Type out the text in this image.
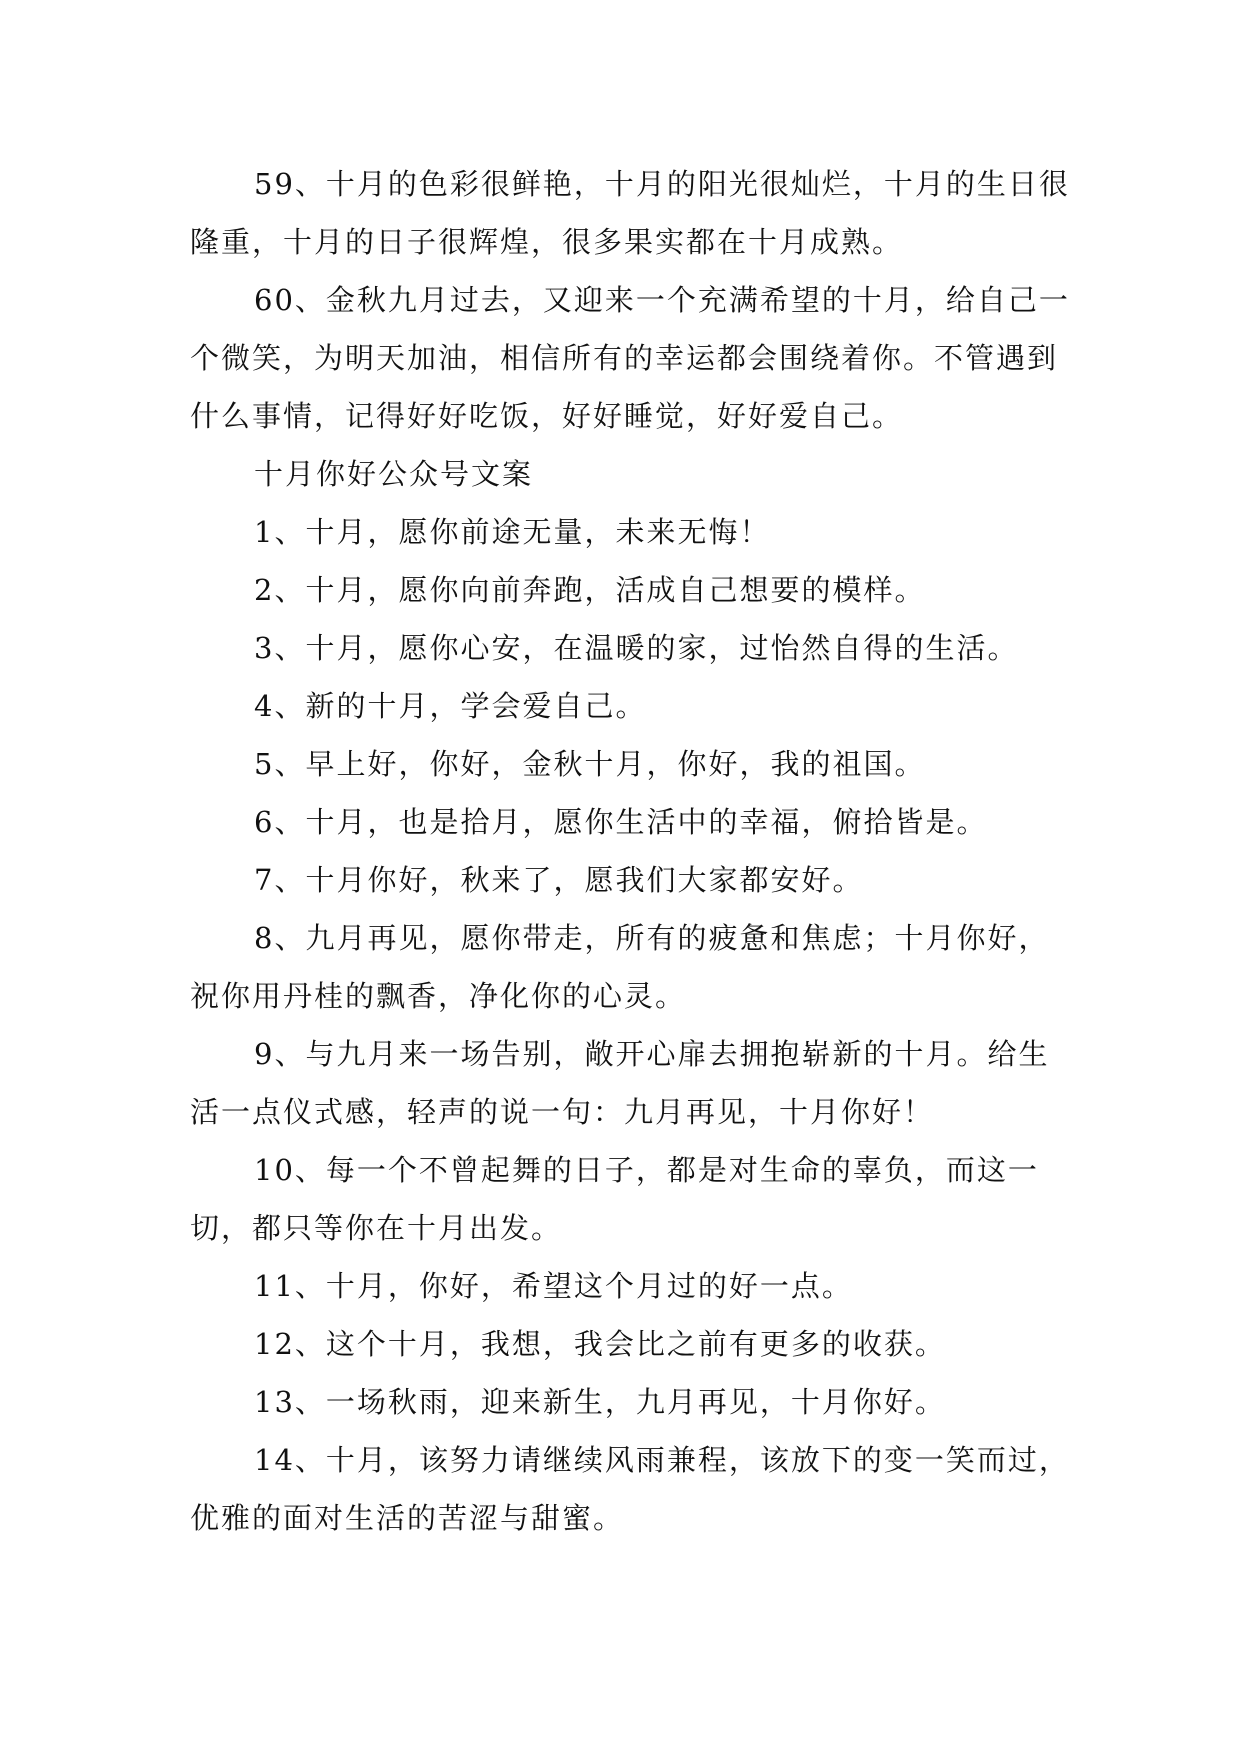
59、十月的色彩很鲜艳，十月的阳光很灿烂，十月的生日很隆重，十月的日子很辉煌，很多果实都在十月成熟。

60、金秋九月过去，又迎来一个充满希望的十月，给自己一个微笑，为明天加油，相信所有的幸运都会围绕着你。不管遇到什么事情，记得好好吃饭，好好睡觉，好好爱自己。

十月你好公众号文案

1、十月，愿你前途无量，未来无悔！

2、十月，愿你向前奔跑，活成自己想要的模样。

3、十月，愿你心安，在温暖的家，过怡然自得的生活。

4、新的十月，学会爱自己。

5、早上好，你好，金秋十月，你好，我的祖国。

6、十月，也是拾月，愿你生活中的幸福，俯拾皆是。

7、十月你好，秋来了，愿我们大家都安好。

8、九月再见，愿你带走，所有的疲惫和焦虑；十月你好，祝你用丹桂的飘香，净化你的心灵。

9、与九月来一场告别，敞开心扉去拥抱崭新的十月。给生活一点仪式感，轻声的说一句：九月再见，十月你好！

10、每一个不曾起舞的日子，都是对生命的辜负，而这一切，都只等你在十月出发。

11、十月，你好，希望这个月过的好一点。

12、这个十月，我想，我会比之前有更多的收获。

13、一场秋雨，迎来新生，九月再见，十月你好。

14、十月，该努力请继续风雨兼程，该放下的变一笑而过，优雅的面对生活的苦涩与甜蜜。
